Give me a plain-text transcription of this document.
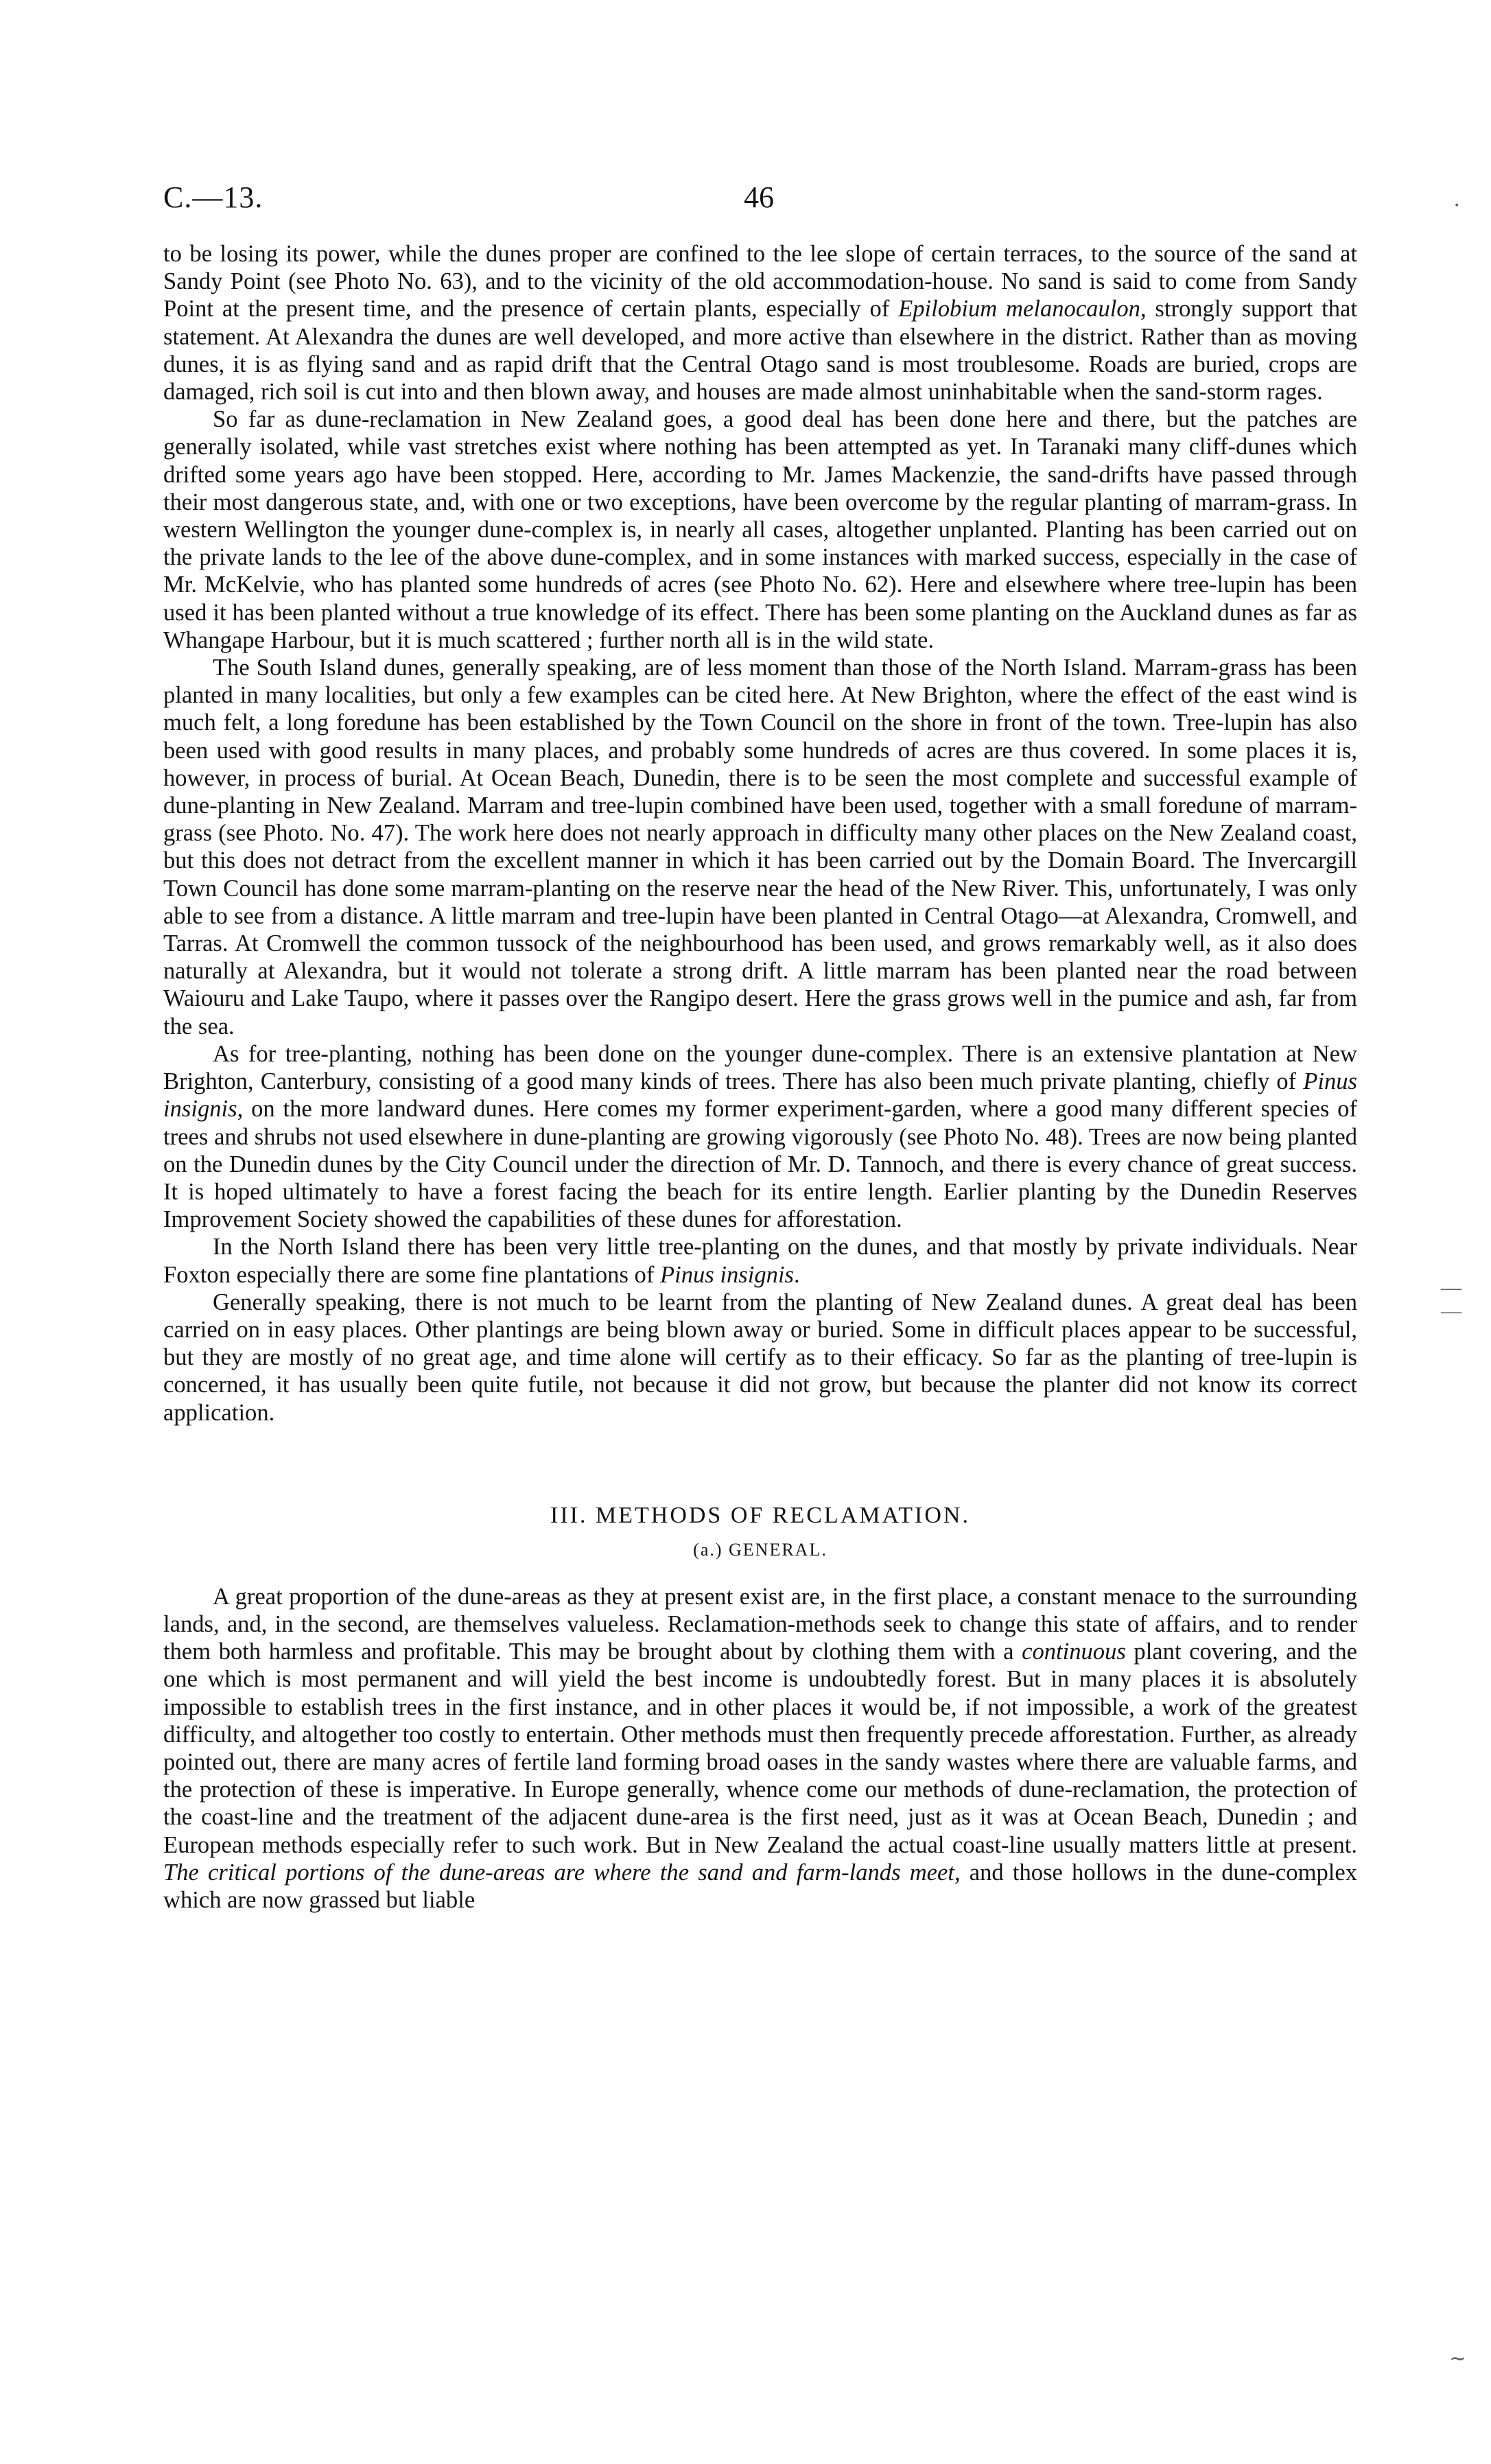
C.—13.	46

to be losing its power, while the dunes proper are confined to the lee slope of certain terraces, to the source of the sand at Sandy Point (see Photo No. 63), and to the vicinity of the old accommodation-house. No sand is said to come from Sandy Point at the present time, and the presence of certain plants, especially of Epilobium melanocaulon, strongly support that statement. At Alexandra the dunes are well developed, and more active than elsewhere in the district. Rather than as moving dunes, it is as flying sand and as rapid drift that the Central Otago sand is most troublesome. Roads are buried, crops are damaged, rich soil is cut into and then blown away, and houses are made almost uninhabitable when the sand-storm rages.

So far as dune-reclamation in New Zealand goes, a good deal has been done here and there, but the patches are generally isolated, while vast stretches exist where nothing has been attempted as yet. In Taranaki many cliff-dunes which drifted some years ago have been stopped. Here, according to Mr. James Mackenzie, the sand-drifts have passed through their most dangerous state, and, with one or two exceptions, have been overcome by the regular planting of marram-grass. In western Wellington the younger dune-complex is, in nearly all cases, altogether unplanted. Planting has been carried out on the private lands to the lee of the above dune-complex, and in some instances with marked success, especially in the case of Mr. McKelvie, who has planted some hundreds of acres (see Photo No. 62). Here and elsewhere where tree-lupin has been used it has been planted without a true knowledge of its effect. There has been some planting on the Auckland dunes as far as Whangape Harbour, but it is much scattered ; further north all is in the wild state.

The South Island dunes, generally speaking, are of less moment than those of the North Island. Marram-grass has been planted in many localities, but only a few examples can be cited here. At New Brighton, where the effect of the east wind is much felt, a long foredune has been established by the Town Council on the shore in front of the town. Tree-lupin has also been used with good results in many places, and probably some hundreds of acres are thus covered. In some places it is, however, in process of burial. At Ocean Beach, Dunedin, there is to be seen the most complete and successful example of dune-planting in New Zealand. Marram and tree-lupin combined have been used, together with a small foredune of marram-grass (see Photo. No. 47). The work here does not nearly approach in difficulty many other places on the New Zealand coast, but this does not detract from the excellent manner in which it has been carried out by the Domain Board. The Invercargill Town Council has done some marram-planting on the reserve near the head of the New River. This, unfortunately, I was only able to see from a distance. A little marram and tree-lupin have been planted in Central Otago—at Alexandra, Cromwell, and Tarras. At Cromwell the common tussock of the neighbourhood has been used, and grows remarkably well, as it also does naturally at Alexandra, but it would not tolerate a strong drift. A little marram has been planted near the road between Waiouru and Lake Taupo, where it passes over the Rangipo desert. Here the grass grows well in the pumice and ash, far from the sea.

As for tree-planting, nothing has been done on the younger dune-complex. There is an extensive plantation at New Brighton, Canterbury, consisting of a good many kinds of trees. There has also been much private planting, chiefly of Pinus insignis, on the more landward dunes. Here comes my former experiment-garden, where a good many different species of trees and shrubs not used elsewhere in dune-planting are growing vigorously (see Photo No. 48). Trees are now being planted on the Dunedin dunes by the City Council under the direction of Mr. D. Tannoch, and there is every chance of great success. It is hoped ultimately to have a forest facing the beach for its entire length. Earlier planting by the Dunedin Reserves Improvement Society showed the capabilities of these dunes for afforestation.

In the North Island there has been very little tree-planting on the dunes, and that mostly by private individuals. Near Foxton especially there are some fine plantations of Pinus insignis.

Generally speaking, there is not much to be learnt from the planting of New Zealand dunes. A great deal has been carried on in easy places. Other plantings are being blown away or buried. Some in difficult places appear to be successful, but they are mostly of no great age, and time alone will certify as to their efficacy. So far as the planting of tree-lupin is concerned, it has usually been quite futile, not because it did not grow, but because the planter did not know its correct application.

III. METHODS OF RECLAMATION.
(a.) GENERAL.

A great proportion of the dune-areas as they at present exist are, in the first place, a constant menace to the surrounding lands, and, in the second, are themselves valueless. Reclamation-methods seek to change this state of affairs, and to render them both harmless and profitable. This may be brought about by clothing them with a continuous plant covering, and the one which is most permanent and will yield the best income is undoubtedly forest. But in many places it is absolutely impossible to establish trees in the first instance, and in other places it would be, if not impossible, a work of the greatest difficulty, and altogether too costly to entertain. Other methods must then frequently precede afforestation. Further, as already pointed out, there are many acres of fertile land forming broad oases in the sandy wastes where there are valuable farms, and the protection of these is imperative. In Europe generally, whence come our methods of dune-reclamation, the protection of the coast-line and the treatment of the adjacent dune-area is the first need, just as it was at Ocean Beach, Dunedin ; and European methods especially refer to such work. But in New Zealand the actual coast-line usually matters little at present. The critical portions of the dune-areas are where the sand and farm-lands meet, and those hollows in the dune-complex which are now grassed but liable

⋅
— —
∼
